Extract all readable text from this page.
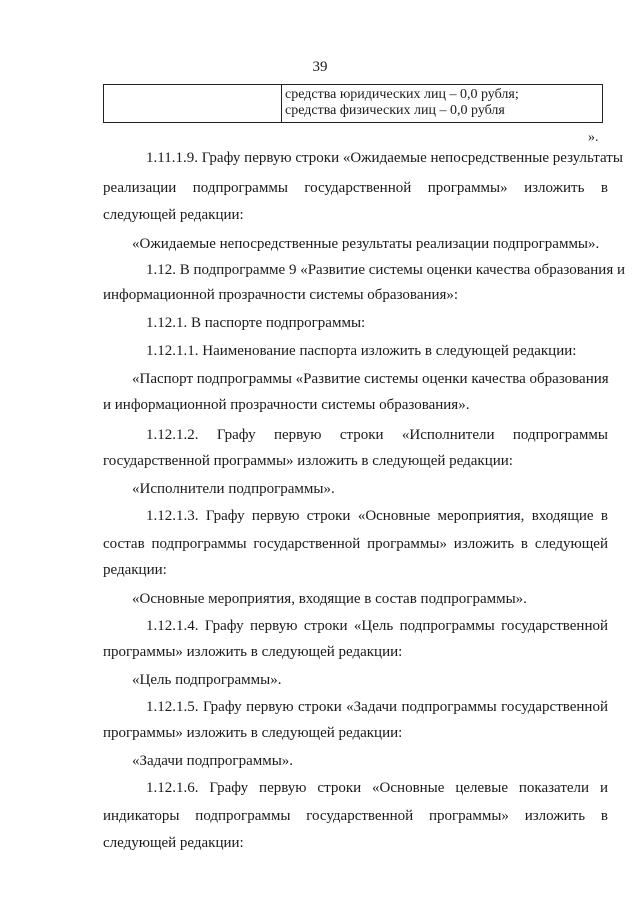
39
средства юридических лиц – 0,0 рубля;
средства физических лиц – 0,0 рубля
».
1.11.1.9. Графу первую строки «Ожидаемые непосредственные результаты
реализации подпрограммы государственной программы» изложить в
следующей редакции:
«Ожидаемые непосредственные результаты реализации подпрограммы».
1.12. В подпрограмме 9 «Развитие системы оценки качества образования и
информационной прозрачности системы образования»:
1.12.1. В паспорте подпрограммы:
1.12.1.1. Наименование паспорта изложить в следующей редакции:
«Паспорт подпрограммы «Развитие системы оценки качества образования
и информационной прозрачности системы образования».
1.12.1.2. Графу первую строки «Исполнители подпрограммы
государственной программы» изложить в следующей редакции:
«Исполнители подпрограммы».
1.12.1.3. Графу первую строки «Основные мероприятия, входящие в
состав подпрограммы государственной программы» изложить в следующей
редакции:
«Основные мероприятия, входящие в состав подпрограммы».
1.12.1.4. Графу первую строки «Цель подпрограммы государственной
программы» изложить в следующей редакции:
«Цель подпрограммы».
1.12.1.5. Графу первую строки «Задачи подпрограммы государственной
программы» изложить в следующей редакции:
«Задачи подпрограммы».
1.12.1.6. Графу первую строки «Основные целевые показатели и
индикаторы подпрограммы государственной программы» изложить в
следующей редакции:
